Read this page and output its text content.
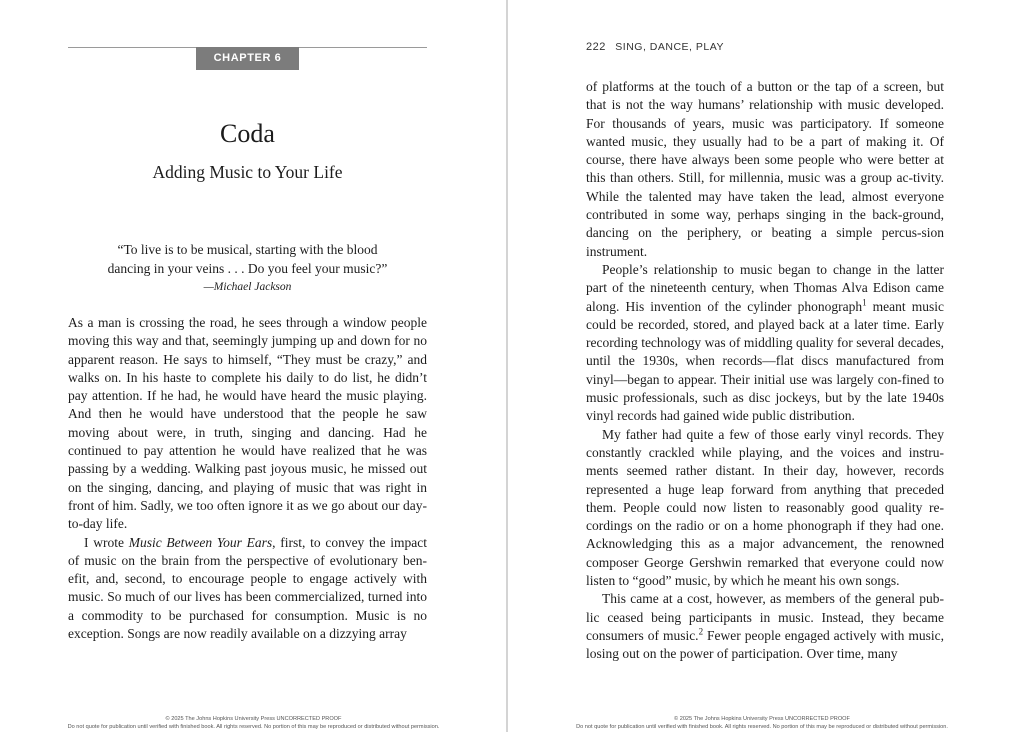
CHAPTER 6
Coda
Adding Music to Your Life
“To live is to be musical, starting with the blood
dancing in your veins . . . Do you feel your music?”
—Michael Jackson

As a man is crossing the road, he sees through a window people moving this way and that, seemingly jumping up and down for no apparent reason. He says to himself, “They must be crazy,” and walks on. In his haste to complete his daily to do list, he didn’t pay attention. If he had, he would have heard the music playing. And then he would have understood that the people he saw moving about were, in truth, singing and dancing. Had he continued to pay attention he would have realized that he was passing by a wedding. Walking past joyous music, he missed out on the singing, dancing, and playing of music that was right in front of him. Sadly, we too often ignore it as we go about our day-to-day life.

I wrote Music Between Your Ears, first, to convey the impact of music on the brain from the perspective of evolutionary ben-efit, and, second, to encourage people to engage actively with music. So much of our lives has been commercialized, turned into a commodity to be purchased for consumption. Music is no exception. Songs are now readily available on a dizzying array

© 2025 The Johns Hopkins University Press UNCORRECTED PROOF
Do not quote for publication until verified with finished book. All rights reserved. No portion of this may be reproduced or distributed without permission.
222 SING, DANCE, PLAY

of platforms at the touch of a button or the tap of a screen, but that is not the way humans’ relationship with music developed. For thousands of years, music was participatory. If someone wanted music, they usually had to be a part of making it. Of course, there have always been some people who were better at this than others. Still, for millennia, music was a group ac-tivity. While the talented may have taken the lead, almost everyone contributed in some way, perhaps singing in the back-ground, dancing on the periphery, or beating a simple percus-sion instrument.

People’s relationship to music began to change in the latter part of the nineteenth century, when Thomas Alva Edison came along. His invention of the cylinder phonograph$^1$ meant music could be recorded, stored, and played back at a later time. Early recording technology was of middling quality for several decades, until the 1930s, when records—flat discs manufactured from vinyl—began to appear. Their initial use was largely con-fined to music professionals, such as disc jockeys, but by the late 1940s vinyl records had gained wide public distribution.

My father had quite a few of those early vinyl records. They constantly crackled while playing, and the voices and instru-ments seemed rather distant. In their day, however, records represented a huge leap forward from anything that preceded them. People could now listen to reasonably good quality re-cordings on the radio or on a home phonograph if they had one. Acknowledging this as a major advancement, the renowned composer George Gershwin remarked that everyone could now listen to “good” music, by which he meant his own songs.

This came at a cost, however, as members of the general pub-lic ceased being participants in music. Instead, they became consumers of music.$^2$ Fewer people engaged actively with music, losing out on the power of participation. Over time, many

© 2025 The Johns Hopkins University Press UNCORRECTED PROOF
Do not quote for publication until verified with finished book. All rights reserved. No portion of this may be reproduced or distributed without permission.
